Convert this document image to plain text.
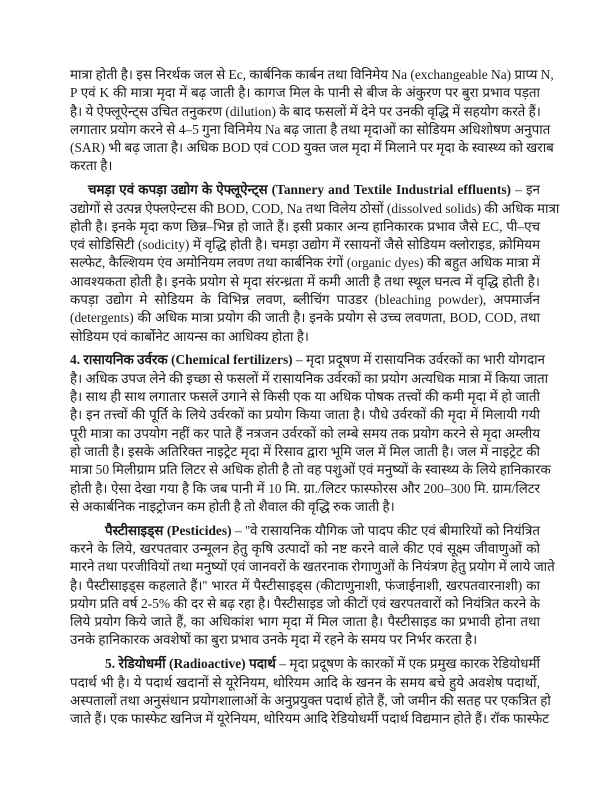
मात्रा होती है। इस निरर्थक जल से Ec, कार्बनिक कार्बन तथा विनिमेय Na (exchangeable Na) प्राप्य N,
P एवं K की मात्रा मृदा में बढ़ जाती है। कागज मिल के पानी से बीज के अंकुरण पर बुरा प्रभाव पड़ता
है। ये ऐफ्लूऐन्ट्स उचित तनुकरण (dilution) के बाद फसलों में देने पर उनकी वृद्धि में सहयोग करते हैं।
लगातार प्रयोग करने से 4–5 गुना विनिमेय Na बढ़ जाता है तथा मृदाओं का सोडियम अधिशोषण अनुपात
(SAR) भी बढ़ जाता है। अधिक BOD एवं COD युक्त जल मृदा में मिलाने पर मृदा के स्वास्थ्य को खराब
करता है।
चमड़ा एवं कपड़ा उद्योग के ऐफ्लूऐन्ट्स (Tannery and Textile Industrial effluents) – इन
उद्योगों से उत्पन्न ऐफ्लऐन्टस की BOD, COD, Na तथा विलेय ठोसों (dissolved solids) की अधिक मात्रा
होती है। इनके मृदा कण छिन्न–भिन्न हो जाते हैं। इसी प्रकार अन्य हानिकारक प्रभाव जैसे EC, पी–एच
एवं सोडिसिटी (sodicity) में वृद्धि होती है। चमड़ा उद्योग में रसायनों जैसे सोडियम क्लोराइड, क्रोमियम
सल्फेट, कैल्शियम एंव अमोनियम लवण तथा कार्बनिक रंगों (organic dyes) की बहुत अधिक मात्रा में
आवश्यकता होती है। इनके प्रयोग से मृदा संरन्ध्रता में कमी आती है तथा स्थूल घनत्व में वृद्धि होती है।
कपड़ा उद्योग मे सोडियम के विभिन्न लवण, ब्लीचिंग पाउडर (bleaching powder), अपमार्जन
(detergents) की अधिक मात्रा प्रयोग की जाती है। इनके प्रयोग से उच्च लवणता, BOD, COD, तथा
सोडियम एवं कार्बोनेट आयन्स का आधिक्य होता है।
4. रासायनिक उर्वरक (Chemical fertilizers) – मृदा प्रदूषण में रासायनिक उर्वरकों का भारी योगदान
है। अधिक उपज लेने की इच्छा से फसलों में रासायनिक उर्वरकों का प्रयोग अत्यधिक मात्रा में किया जाता
है। साथ ही साथ लगातार फसलें उगाने से किसी एक या अधिक पोषक तत्त्वों की कमी मृदा में हो जाती
है। इन तत्त्वों की पूर्ति के लिये उर्वरकों का प्रयोग किया जाता है। पौधे उर्वरकों की मृदा में मिलायी गयी
पूरी मात्रा का उपयोग नहीं कर पाते हैं नत्रजन उर्वरकों को लम्बे समय तक प्रयोग करने से मृदा अम्लीय
हो जाती है। इसके अतिरिक्त नाइट्रेट मृदा में रिसाव द्वारा भूमि जल में मिल जाती है। जल में नाइट्रेट की
मात्रा 50 मिलीग्राम प्रति लिटर से अधिक होती है तो वह पशुओं एवं मनुष्यों के स्वास्थ्य के लिये हानिकारक
होती है। ऐसा देखा गया है कि जब पानी में 10 मि. ग्रा./लिटर फास्फोरस और 200–300 मि. ग्राम/लिटर
से अकार्बनिक नाइट्रोजन कम होती है तो शैवाल की वृद्धि रुक जाती है।
पैस्टीसाइड्स (Pesticides) – ''वे रासायनिक यौगिक जो पादप कीट एवं बीमारियों को नियंत्रित
करने के लिये, खरपतवार उन्मूलन हेतु कृषि उत्पादों को नष्ट करने वाले कीट एवं सूक्ष्म जीवाणुओं को
मारने तथा परजीवियों तथा मनुष्यों एवं जानवरों के खतरनाक रोगाणुओं के नियंत्रण हेतु प्रयोग में लाये जाते
है। पैस्टीसाइड्स कहलाते हैं।'' भारत में पैस्टीसाइड्स (कीटाणुनाशी, फंजाईनाशी, खरपतवारनाशी) का
प्रयोग प्रति वर्ष 2-5% की दर से बढ़ रहा है। पैस्टीसाइड जो कीटों एवं खरपतवारों को नियंत्रित करने के
लिये प्रयोग किये जाते हैं, का अधिकांश भाग मृदा में मिल जाता है। पैस्टीसाइड का प्रभावी होना तथा
उनके हानिकारक अवशेषों का बुरा प्रभाव उनके मृदा में रहने के समय पर निर्भर करता है।
5. रेडियोधर्मी (Radioactive) पदार्थ – मृदा प्रदूषण के कारकों में एक प्रमुख कारक रेडियोधर्मी
पदार्थ भी है। ये पदार्थ खदानों से यूरेनियम, थोरियम आदि के खनन के समय बचे हुये अवशेष पदार्थो,
अस्पतालों तथा अनुसंधान प्रयोगशालाओं के अनुप्रयुक्त पदार्थ होते हैं, जो जमीन की सतह पर एकत्रित हो
जाते हैं। एक फास्फेट खनिज में यूरेनियम, थोरियम आदि रेडियोधर्मी पदार्थ विद्यमान होते हैं। रॉक फास्फेट
